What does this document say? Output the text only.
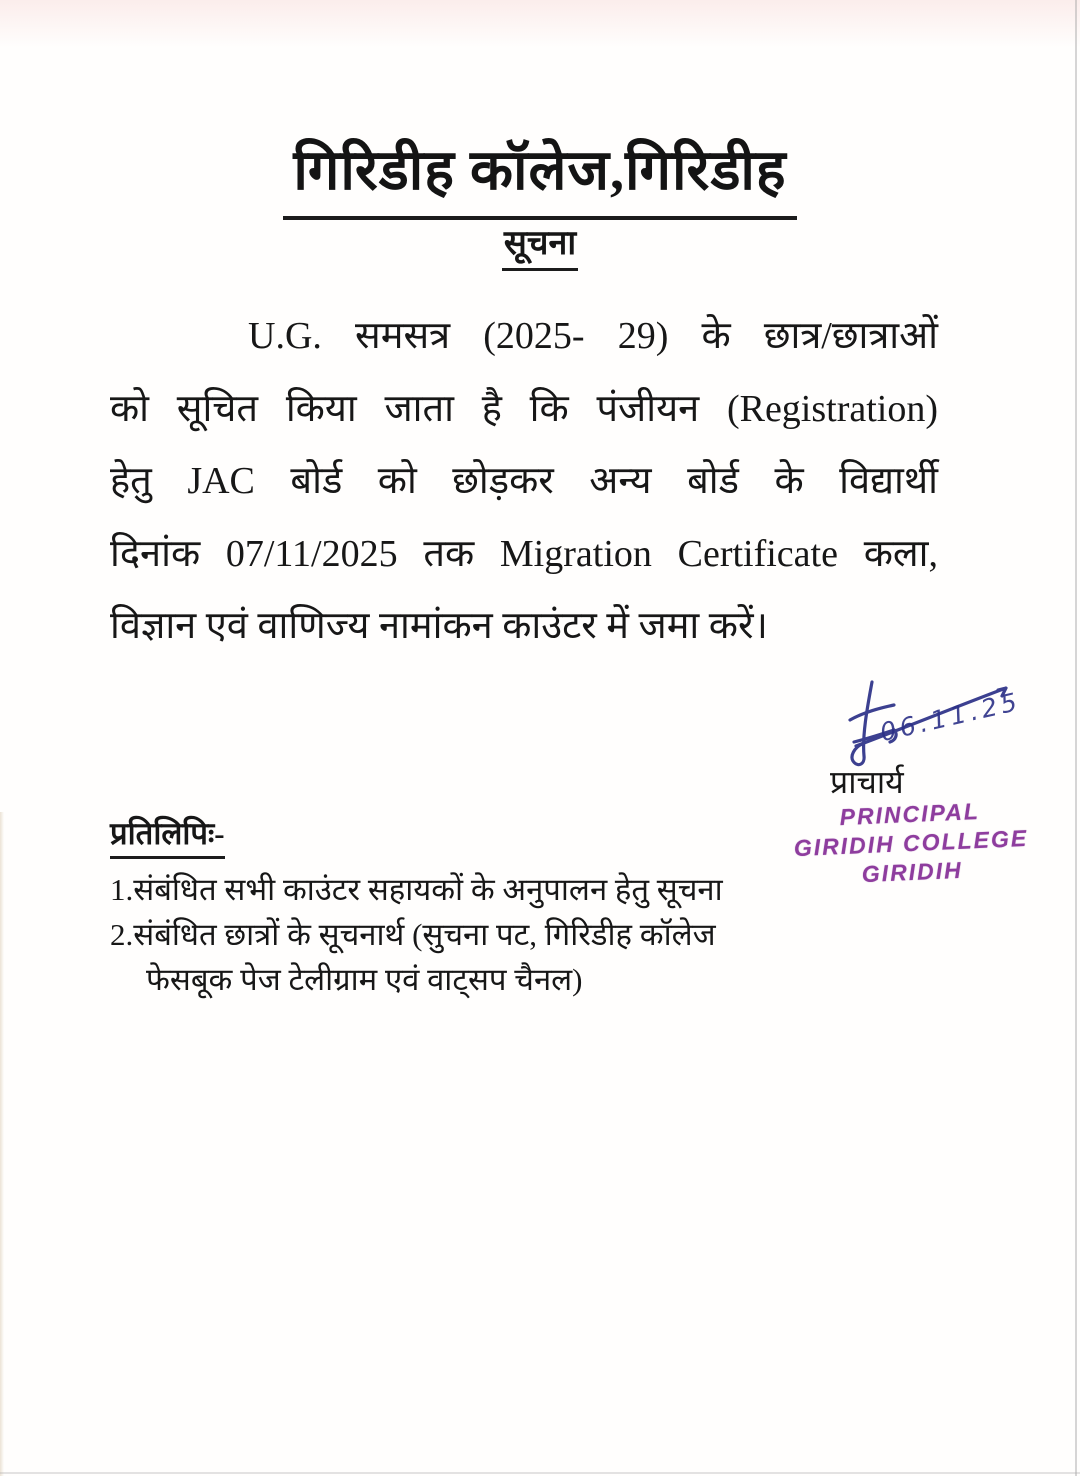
गिरिडीह कॉलेज,गिरिडीह
सूचना
U.G. समसत्र (2025- 29) के छात्र/छात्राओं
को सूचित किया जाता है कि पंजीयन (Registration)
हेतु JAC बोर्ड को छोड़कर अन्य बोर्ड के विद्यार्थी
दिनांक 07/11/2025 तक Migration Certificate कला,
विज्ञान एवं वाणिज्य नामांकन काउंटर में जमा करें।
06.11.25
प्राचार्य
PRINCIPAL
GIRIDIH COLLEGE
GIRIDIH
प्रतिलिपिः-
1.संबंधित सभी काउंटर सहायकों के अनुपालन हेतु सूचना
2.संबंधित छात्रों के सूचनार्थ (सुचना पट, गिरिडीह कॉलेज
फेसबूक पेज टेलीग्राम एवं वाट्सप चैनल)
